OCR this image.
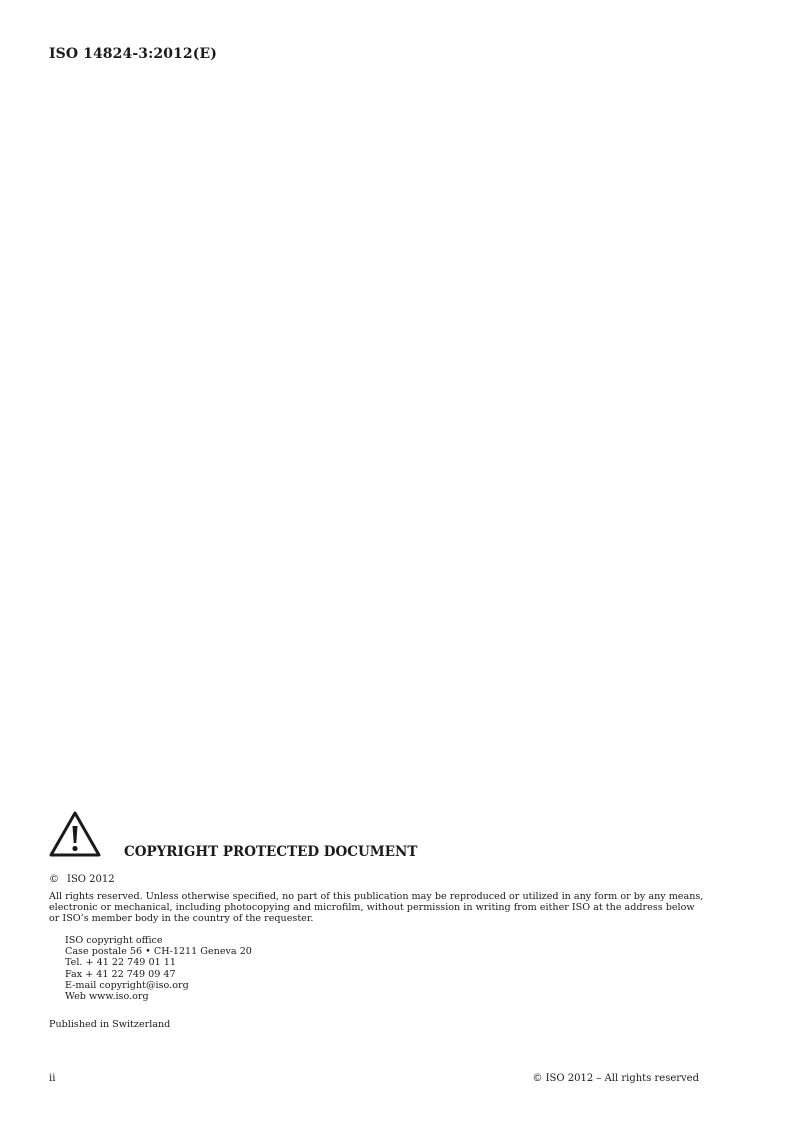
ISO 14824-3:2012(E)
COPYRIGHT PROTECTED DOCUMENT
© ISO 2012
All rights reserved. Unless otherwise specified, no part of this publication may be reproduced or utilized in any form or by any means, electronic or mechanical, including photocopying and microfilm, without permission in writing from either ISO at the address below or ISO’s member body in the country of the requester.
ISO copyright office
Case postale 56 • CH-1211 Geneva 20
Tel. + 41 22 749 01 11
Fax + 41 22 749 09 47
E-mail copyright@iso.org
Web www.iso.org
Published in Switzerland
ii	© ISO 2012 – All rights reserved
